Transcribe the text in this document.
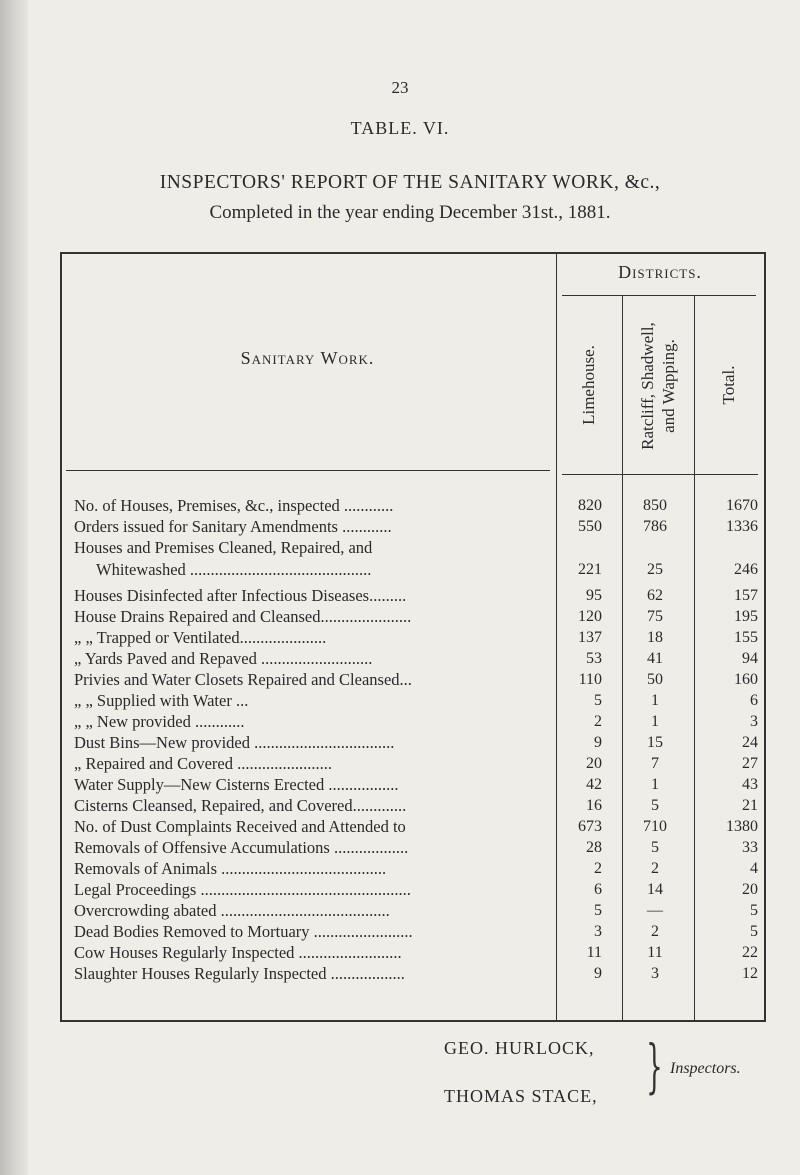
23
TABLE. VI.
INSPECTORS' REPORT OF THE SANITARY WORK, &c.,
Completed in the year ending December 31st., 1881.
Sanitary Work.
Districts.
Limehouse. Ratcliff, Shadwell, and Wapping. Total.
No. of Houses, Premises, &c., inspected ............	820	850	1670
Orders issued for Sanitary Amendments ............	550	786	1336
Houses and Premises Cleaned, Repaired, and
Whitewashed ............................................	221	25	246
Houses Disinfected after Infectious Diseases.........	95	62	157
House Drains Repaired and Cleansed......................	120	75	195
„ „ Trapped or Ventilated.....................	137	18	155
„ Yards Paved and Repaved ...........................	53	41	94
Privies and Water Closets Repaired and Cleansed...	110	50	160
„ „ Supplied with Water ...	5	1	6
„ „ New provided ............	2	1	3
Dust Bins—New provided ..................................	9	15	24
„ Repaired and Covered .......................	20	7	27
Water Supply—New Cisterns Erected .................	42	1	43
Cisterns Cleansed, Repaired, and Covered.............	16	5	21
No. of Dust Complaints Received and Attended to	673	710	1380
Removals of Offensive Accumulations ..................	28	5	33
Removals of Animals ........................................	2	2	4
Legal Proceedings ...................................................	6	14	20
Overcrowding abated .........................................	5	—	5
Dead Bodies Removed to Mortuary ........................	3	2	5
Cow Houses Regularly Inspected .........................	11	11	22
Slaughter Houses Regularly Inspected ..................	9	3	12
GEO. HURLOCK,
THOMAS STACE, } Inspectors.
